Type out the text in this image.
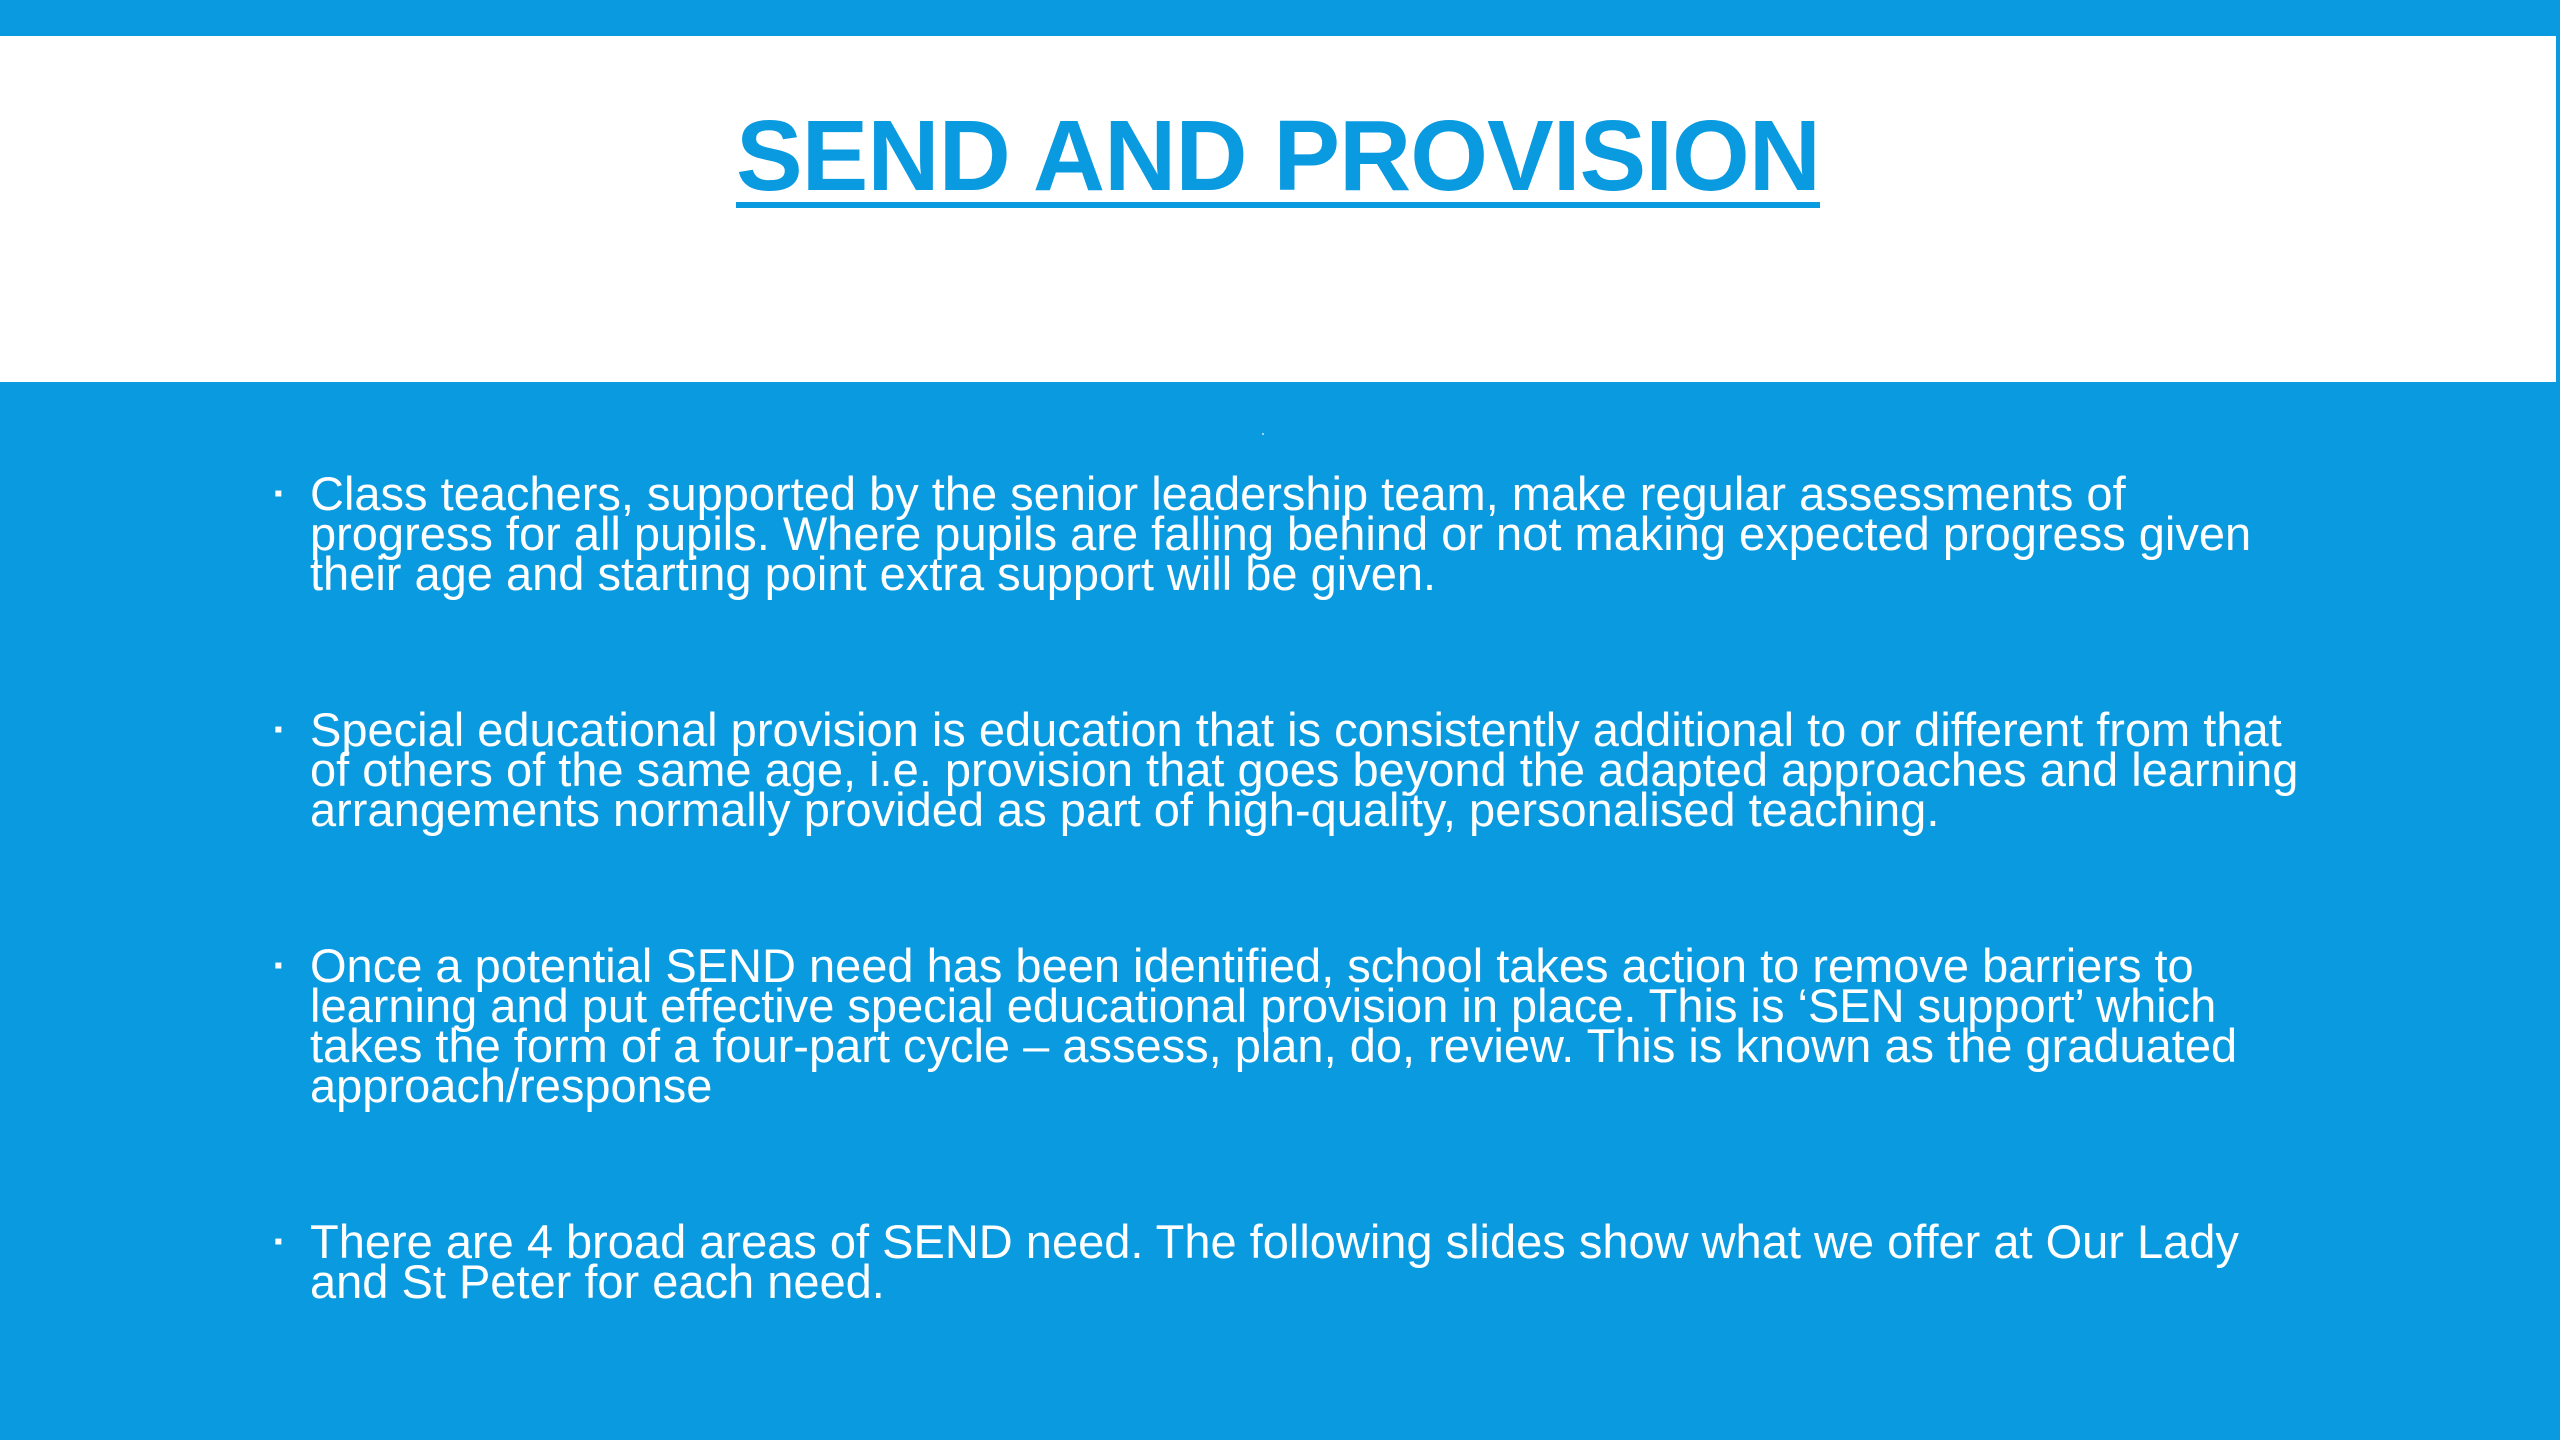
SEND AND PROVISION
▪ Class teachers, supported by the senior leadership team, make regular assessments of progress for all pupils. Where pupils are falling behind or not making expected progress given their age and starting point extra support will be given.
▪ Special educational provision is education that is consistently additional to or different from that of others of the same age, i.e. provision that goes beyond the adapted approaches and learning arrangements normally provided as part of high-quality, personalised teaching.
▪ Once a potential SEND need has been identified, school takes action to remove barriers to learning and put effective special educational provision in place. This is ‘SEN support’ which takes the form of a four-part cycle – assess, plan, do, review. This is known as the graduated approach/response
▪ There are 4 broad areas of SEND need. The following slides show what we offer at Our Lady and St Peter for each need.
